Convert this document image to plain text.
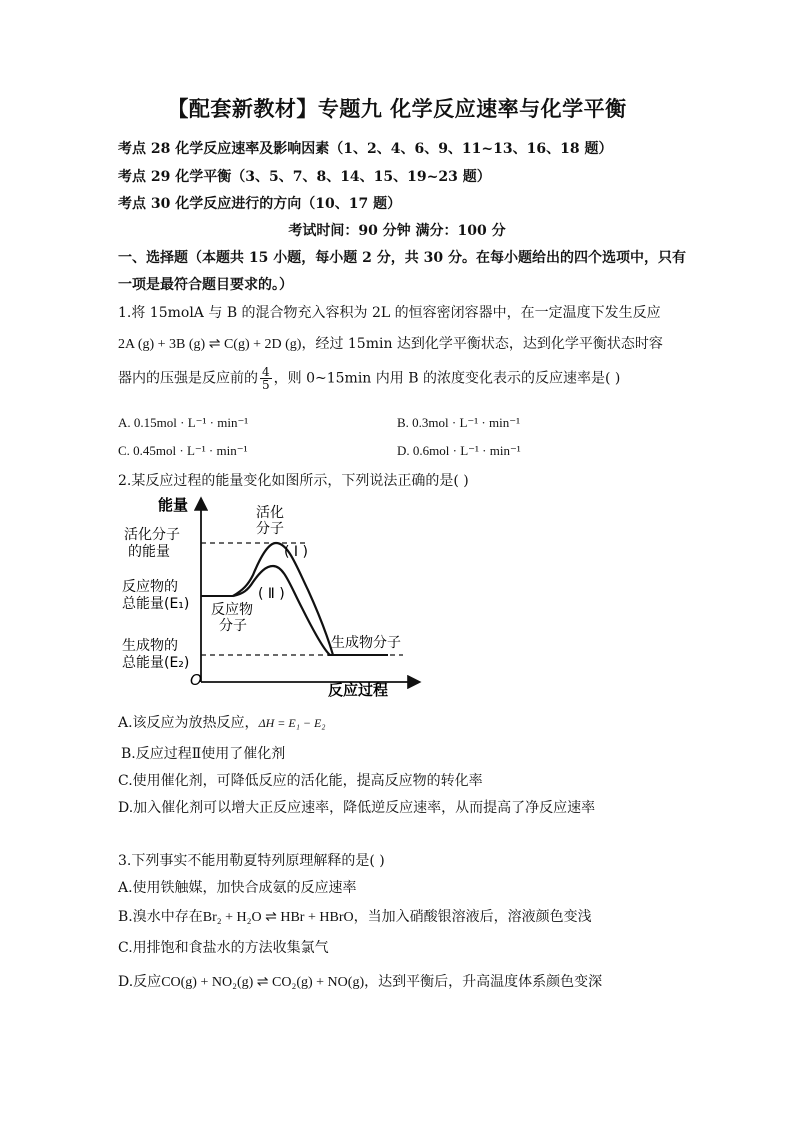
【配套新教材】专题九 化学反应速率与化学平衡
考点 28 化学反应速率及影响因素（1、2、4、6、9、11~13、16、18 题）
考点 29 化学平衡（3、5、7、8、14、15、19~23 题）
考点 30 化学反应进行的方向（10、17 题）
考试时间：90 分钟 满分：100 分
一、选择题（本题共 15 小题，每小题 2 分，共 30 分。在每小题给出的四个选项中，只有
一项是最符合题目要求的。）
1.将 15molA 与 B 的混合物充入容积为 2L 的恒容密闭容器中，在一定温度下发生反应
2A (g) + 3B (g) ⇌ C(g) + 2D (g)，经过 15min 达到化学平衡状态，达到化学平衡状态时容
器内的压强是反应前的 $\frac{4}{5}$ ，则 0~15min 内用 B 的浓度变化表示的反应速率是( )
A. 0.15mol · L⁻¹ · min⁻¹	B. 0.3mol · L⁻¹ · min⁻¹
C. 0.45mol · L⁻¹ · min⁻¹	D. 0.6mol · L⁻¹ · min⁻¹
2.某反应过程的能量变化如图所示，下列说法正确的是( )
能量
反应过程
O
活化
分子
活化分子
的能量
反应物的
总能量(E₁) 反应物
分子
生成物的
总能量(E₂)
生成物分子
( Ⅰ )
( Ⅱ )
A.该反应为放热反应，ΔH = E₁ − E₂
B.反应过程Ⅱ使用了催化剂
C.使用催化剂，可降低反应的活化能，提高反应物的转化率
D.加入催化剂可以增大正反应速率，降低逆反应速率，从而提高了净反应速率
3.下列事实不能用勒夏特列原理解释的是( )
A.使用铁触媒，加快合成氨的反应速率
B.溴水中存在Br₂ + H₂O ⇌ HBr + HBrO，当加入硝酸银溶液后，溶液颜色变浅
C.用排饱和食盐水的方法收集氯气
D.反应CO(g) + NO₂(g) ⇌ CO₂(g) + NO(g)，达到平衡后，升高温度体系颜色变深
